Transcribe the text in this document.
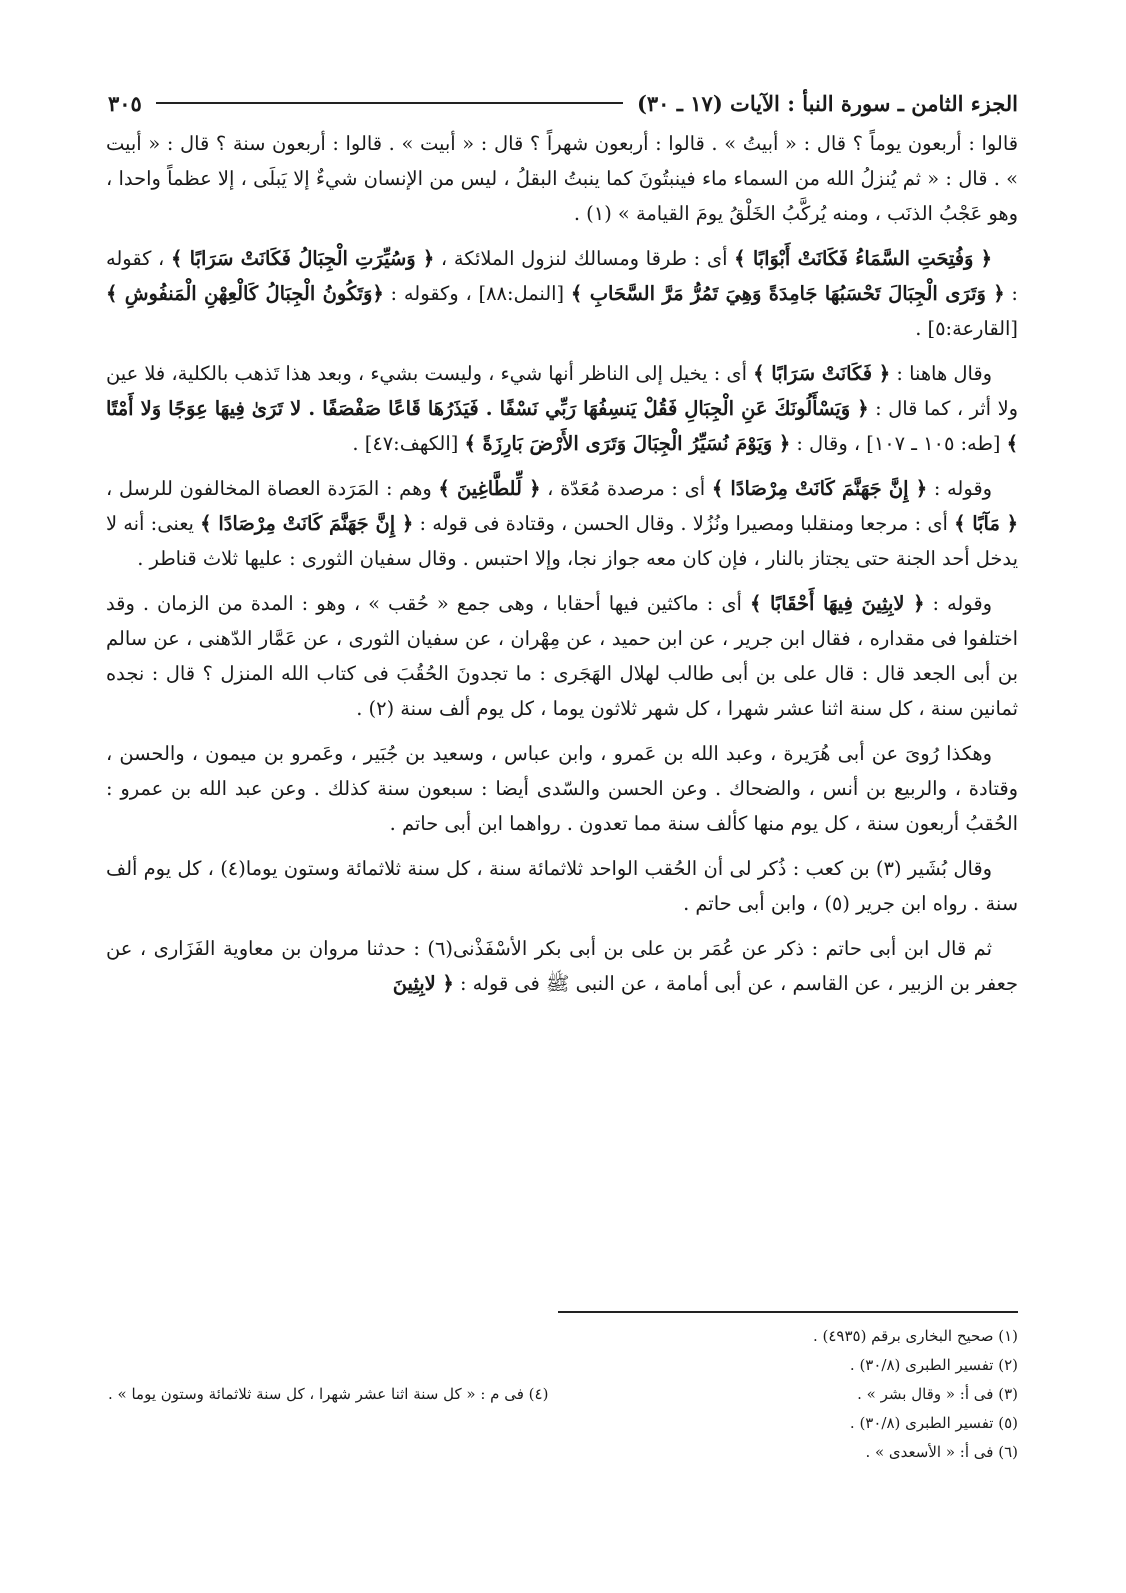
الجزء الثامن ـ سورة النبأ : الآيات (١٧ ـ ٣٠)
٣٠٥

قالوا : أربعون يوماً ؟ قال : « أبيتُ » . قالوا : أربعون شهراً ؟ قال : « أبيت » . قالوا : أربعون سنة ؟ قال : « أبيت » . قال : « ثم يُنزلُ الله من السماء ماء فينبتُونَ كما ينبتُ البقلُ ، ليس من الإنسان شيءٌ إلا يَبلَى ، إلا عظماً واحدا ، وهو عَجْبُ الذنَب ، ومنه يُركَّبُ الخَلْقُ يومَ القيامة » (١) .

﴿ وَفُتِحَتِ السَّمَاءُ فَكَانَتْ أَبْوَابًا ﴾ أى : طرقا ومسالك لنزول الملائكة ، ﴿ وَسُيِّرَتِ الْجِبَالُ فَكَانَتْ سَرَابًا ﴾ ، كقوله : ﴿ وَتَرَى الْجِبَالَ تَحْسَبُهَا جَامِدَةً وَهِيَ تَمُرُّ مَرَّ السَّحَابِ ﴾ [النمل:٨٨] ، وكقوله : ﴿وَتَكُونُ الْجِبَالُ كَالْعِهْنِ الْمَنفُوشِ ﴾ [القارعة:٥] .

وقال هاهنا : ﴿ فَكَانَتْ سَرَابًا ﴾ أى : يخيل إلى الناظر أنها شيء ، وليست بشيء ، وبعد هذا تَذهب بالكلية، فلا عين ولا أثر ، كما قال : ﴿ وَيَسْأَلُونَكَ عَنِ الْجِبَالِ فَقُلْ يَنسِفُهَا رَبِّي نَسْفًا . فَيَذَرُهَا قَاعًا صَفْصَفًا . لا تَرَىٰ فِيهَا عِوَجًا وَلا أَمْتًا ﴾ [طه: ١٠٥ ـ ١٠٧] ، وقال : ﴿ وَيَوْمَ نُسَيِّرُ الْجِبَالَ وَتَرَى الأَرْضَ بَارِزَةً ﴾ [الكهف:٤٧] .

وقوله : ﴿ إِنَّ جَهَنَّمَ كَانَتْ مِرْصَادًا ﴾ أى : مرصدة مُعَدّة ، ﴿ لِّلطَّاغِينَ ﴾ وهم : المَرَدة العصاة المخالفون للرسل ، ﴿ مَآبًا ﴾ أى : مرجعا ومنقلبا ومصيرا ونُزُلا . وقال الحسن ، وقتادة فى قوله : ﴿ إِنَّ جَهَنَّمَ كَانَتْ مِرْصَادًا ﴾ يعنى: أنه لا يدخل أحد الجنة حتى يجتاز بالنار ، فإن كان معه جواز نجا، وإلا احتبس . وقال سفيان الثورى : عليها ثلاث قناطر .

وقوله : ﴿ لابِثِينَ فِيهَا أَحْقَابًا ﴾ أى : ماكثين فيها أحقابا ، وهى جمع « حُقب » ، وهو : المدة من الزمان . وقد اختلفوا فى مقداره ، فقال ابن جرير ، عن ابن حميد ، عن مِهْران ، عن سفيان الثورى ، عن عَمَّار الدّهنى ، عن سالم بن أبى الجعد قال : قال على بن أبى طالب لهلال الهَجَرى : ما تجدونَ الحُقُبَ فى كتاب الله المنزل ؟ قال : نجده ثمانين سنة ، كل سنة اثنا عشر شهرا ، كل شهر ثلاثون يوما ، كل يوم ألف سنة (٢) .

وهكذا رُوىَ عن أبى هُرَيرة ، وعبد الله بن عَمرو ، وابن عباس ، وسعيد بن جُبَير ، وعَمرو بن ميمون ، والحسن ، وقتادة ، والربيع بن أنس ، والضحاك . وعن الحسن والسّدى أيضا : سبعون سنة كذلك . وعن عبد الله بن عمرو : الحُقبُ أربعون سنة ، كل يوم منها كألف سنة مما تعدون . رواهما ابن أبى حاتم .

وقال بُشَير (٣) بن كعب : ذُكر لى أن الحُقب الواحد ثلاثمائة سنة ، كل سنة ثلاثمائة وستون يوما(٤) ، كل يوم ألف سنة . رواه ابن جرير (٥) ، وابن أبى حاتم .

ثم قال ابن أبى حاتم : ذكر عن عُمَر بن على بن أبى بكر الأسْفَذْنى(٦) : حدثنا مروان بن معاوية الفَزَارى ، عن جعفر بن الزبير ، عن القاسم ، عن أبى أمامة ، عن النبى ﷺ فى قوله : ﴿ لابِثِينَ

(١) صحيح البخارى برقم (٤٩٣٥) .
(٢) تفسير الطبرى (٣٠/٨) .
(٣) فى أ: « وقال بشر » .
(٤) فى م : « كل سنة اثنا عشر شهرا ، كل سنة ثلاثمائة وستون يوما » .
(٥) تفسير الطبرى (٣٠/٨) .
(٦) فى أ: « الأسعدى » .
